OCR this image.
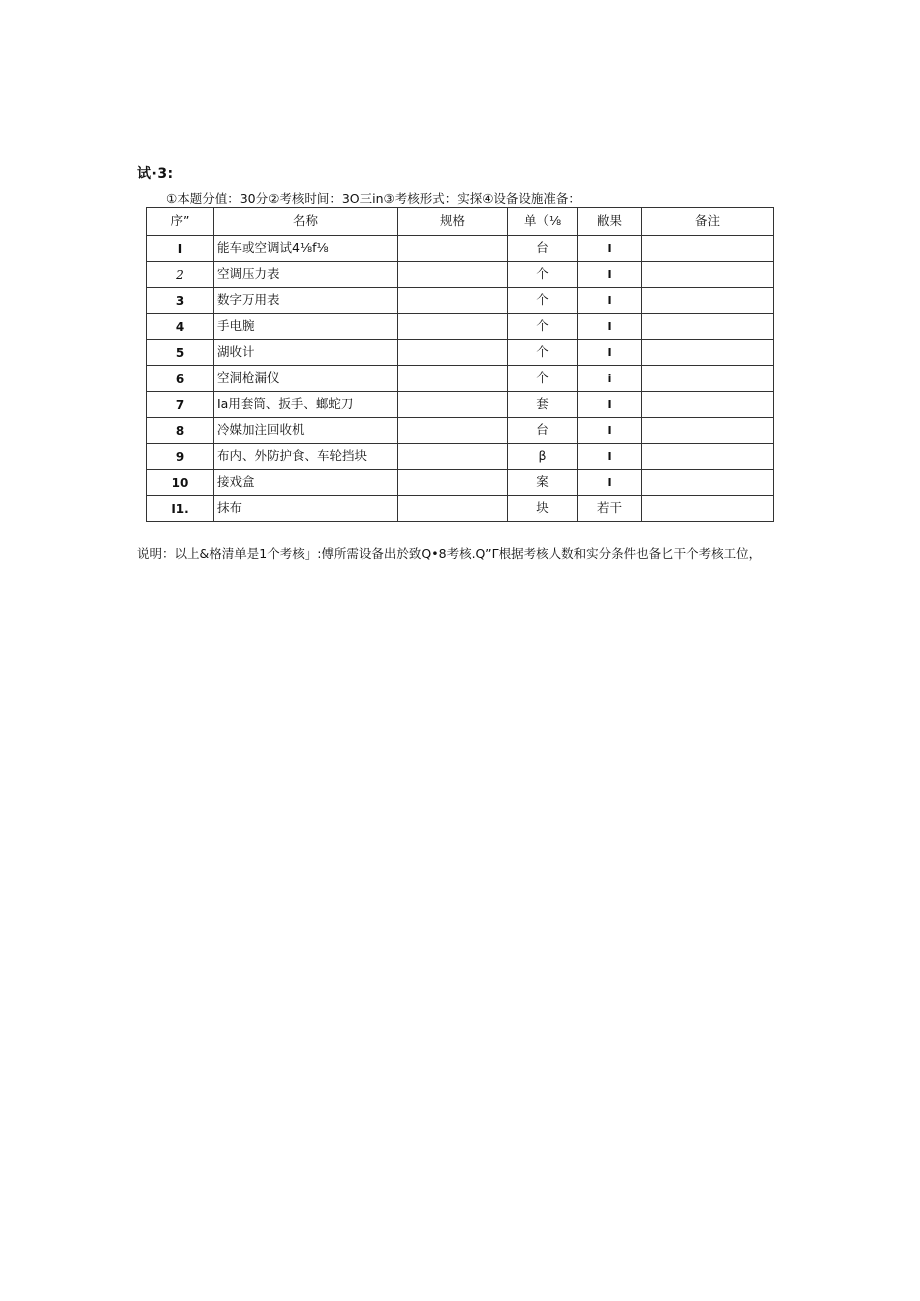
试·3:
①本题分值：30分②考核时间：3O三in③考核形式：实探④设备设施准备：
序”	名称	规格	单（⅛	敝果	备注
I	能车或空调试4⅛f⅛		台	I	
2	空调压力表		个	I	
3	数字万用表		个	I	
4	手电腕		个	I	
5	湖收计		个	I	
6	空洞枪漏仪		个	i	
7	Ia用套筒、扳手、螂蛇刀		套	I	
8	冷媒加注回收机		台	I	
9	布内、外防护食、车轮挡块		β	I	
10	接戏盒		案	I	
I1.	抹布		块	若干	
说明：以上&格清单是1个考核」:傅所需设备出於致Q•8考核.Q”Γ根据考核人数和实分条件也备匕干个考核工位，
